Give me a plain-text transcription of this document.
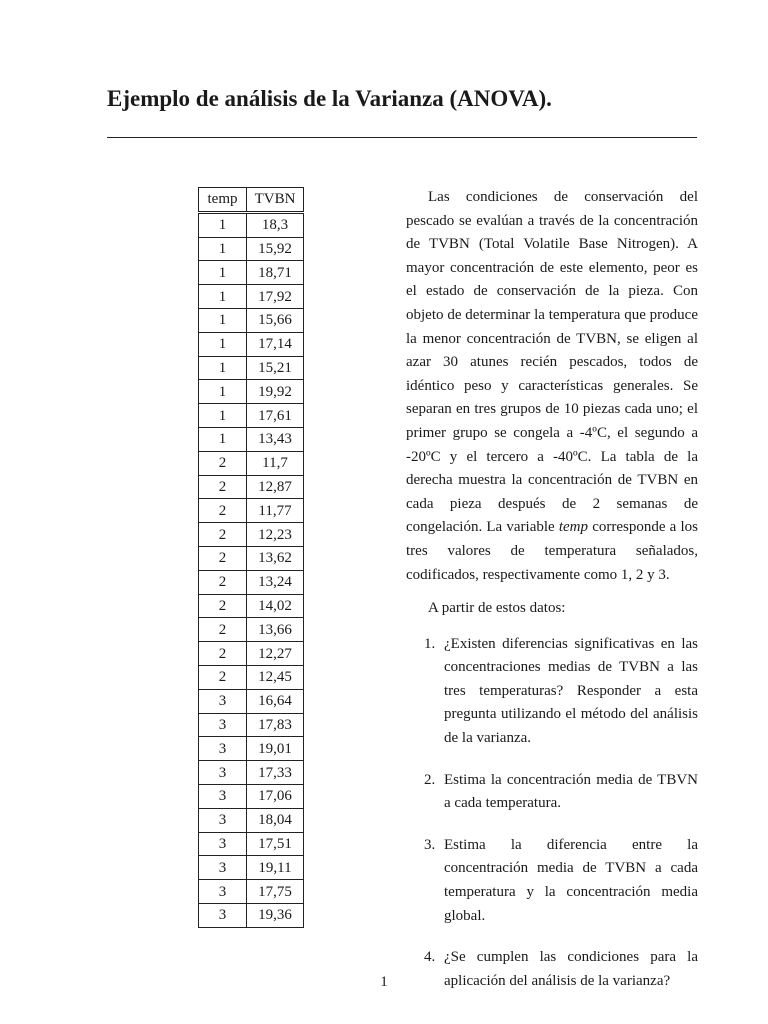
Ejemplo de análisis de la Varianza (ANOVA).
temp	TVBN
1	18,3
1	15,92
1	18,71
1	17,92
1	15,66
1	17,14
1	15,21
1	19,92
1	17,61
1	13,43
2	11,7
2	12,87
2	11,77
2	12,23
2	13,62
2	13,24
2	14,02
2	13,66
2	12,27
2	12,45
3	16,64
3	17,83
3	19,01
3	17,33
3	17,06
3	18,04
3	17,51
3	19,11
3	17,75
3	19,36

Las condiciones de conservación del pescado se evalúan a través de la concentración de TVBN (Total Volatile Base Nitrogen). A mayor concentración de este elemento, peor es el estado de conservación de la pieza. Con objeto de determinar la temperatura que produce la menor concentración de TVBN, se eligen al azar 30 atunes recién pescados, todos de idéntico peso y características generales. Se separan en tres grupos de 10 piezas cada uno; el primer grupo se congela a -4ºC, el segundo a -20ºC y el tercero a -40ºC. La tabla de la derecha muestra la concentración de TVBN en cada pieza después de 2 semanas de congelación. La variable temp corresponde a los tres valores de temperatura señalados, codificados, respectivamente como 1, 2 y 3.

A partir de estos datos:

1. ¿Existen diferencias significativas en las concentraciones medias de TVBN a las tres temperaturas? Responder a esta pregunta utilizando el método del análisis de la varianza.
2. Estima la concentración media de TBVN a cada temperatura.
3. Estima la diferencia entre la concentración media de TVBN a cada temperatura y la concentración media global.
4. ¿Se cumplen las condiciones para la aplicación del análisis de la varianza?
1
